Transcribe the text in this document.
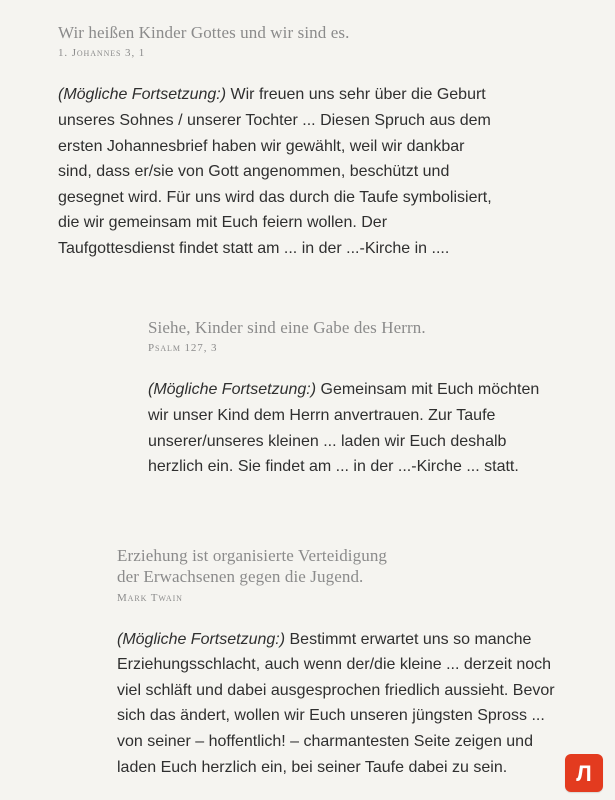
Wir heißen Kinder Gottes und wir sind es.
1. Johannes 3, 1
(Mögliche Fortsetzung:) Wir freuen uns sehr über die Geburt
unseres Sohnes / unserer Tochter ... Diesen Spruch aus dem
ersten Johannesbrief haben wir gewählt, weil wir dankbar
sind, dass er/sie von Gott angenommen, beschützt und
gesegnet wird. Für uns wird das durch die Taufe symbolisiert,
die wir gemeinsam mit Euch feiern wollen. Der
Taufgottesdienst findet statt am ... in der ...-Kirche in ....
Siehe, Kinder sind eine Gabe des Herrn.
Psalm 127, 3
(Mögliche Fortsetzung:) Gemeinsam mit Euch möchten
wir unser Kind dem Herrn anvertrauen. Zur Taufe
unserer/unseres kleinen ... laden wir Euch deshalb
herzlich ein. Sie findet am ... in der ...-Kirche ... statt.
Erziehung ist organisierte Verteidigung
der Erwachsenen gegen die Jugend.
Mark Twain
(Mögliche Fortsetzung:) Bestimmt erwartet uns so manche
Erziehungsschlacht, auch wenn der/die kleine ... derzeit noch
viel schläft und dabei ausgesprochen friedlich aussieht. Bevor
sich das ändert, wollen wir Euch unseren jüngsten Spross ...
von seiner – hoffentlich! – charmantesten Seite zeigen und
laden Euch herzlich ein, bei seiner Taufe dabei zu sein.	Л
